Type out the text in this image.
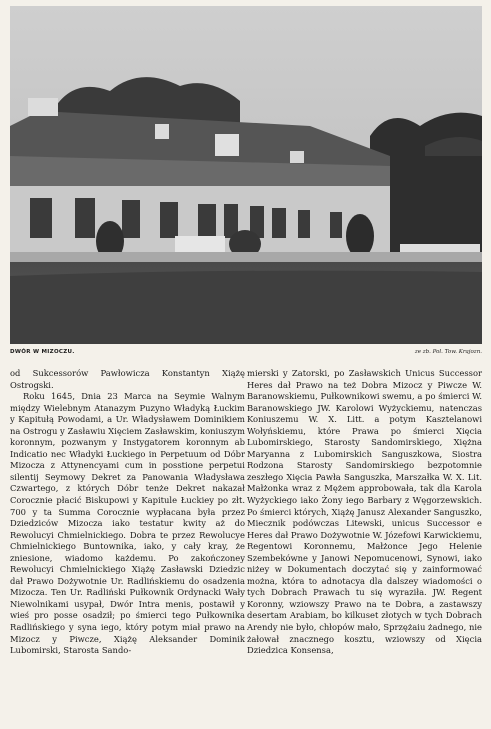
DWÓR W MIZOCZU.	ze zb. Pol. Tow. Krajozn.

od Sukcessorów Pawłowicza Konstantyn Xiążę Ostrogski.

Roku 1645, Dnia 23 Marca na Seymie Walnym między Wielebnym Atanazym Puzyno Władyką Łuckim y Kapitułą Powodami, a Ur. Władysławem Dominikiem na Ostrogu y Zasławiu Xięciem Zasławskim, koniuszym koronnym, pozwanym y Instygatorem koronnym ab Indicatio nec Władyki Łuckiego in Perpetuum od Dóbr Mizocza z Attynencyami cum in posstione perpetui silentij Seymowy Dekret za Panowania Władysława Czwartego, z których Dóbr tenże Dekret nakazał Corocznie płacić Biskupowi y Kapitule Łuckiey po złt. 700 y ta Summa Corocznie wypłacana była przez Dziedziców Mizocza iako testatur kwity aż do Rewolucyi Chmielnickiego. Dobra te przez Rewolucye Chmielnickiego Buntownika, iako, y cały kray, że zniesione, wiadomo każdemu. Po zakończoney Rewolucyi Chmielnickiego Xiążę Zasławski Dziedzic dał Prawo Dożywotnie Ur. Radlińskiemu do osadzenia Mizocza. Ten Ur. Radliński Pułkownik Ordynacki Wały Niewolnikami usypał, Dwór Intra menis, postawił y wieś pro posse osadził; po śmierci tego Pułkownika Radlińskiego y syna iego, który potym miał prawo na Mizocz y Piwcze, Xiążę Aleksander Dominik Lubomirski, Starosta Sando-

mierski y Zatorski, po Zasławskich Unicus Successor Heres dał Prawo na też Dobra Mizocz y Piwcze W. Baranowskiemu, Pułkownikowi swemu, a po śmierci W. Baranowskiego JW. Karolowi Wyżyckiemu, natenczas Koniuszemu W. X. Litt. a potym Kasztelanowi Wołyńskiemu, które Prawa po śmierci Xięcia Lubomirskiego, Starosty Sandomirskiego, Xiężna Maryanna z Lubomirskich Sanguszkowa, Siostra Rodzona Starosty Sandomirskiego bezpotomnie zeszłego Xięcia Pawła Sanguszka, Marszałka W. X. Lit. Małżonka wraz z Mężem approbowała, tak dla Karola Wyżyckiego iako Żony iego Barbary z Węgorzewskich. Po śmierci których, Xiążę Janusz Alexander Sanguszko, Miecznik podówczas Litewski, unicus Successor e Heres dał Prawo Dożywotnie W. Józefowi Karwickiemu, Regentowi Koronnemu, Małżonce Jego Helenie Szembekówne y Janowi Nepomucenowi, Synowi, iako niżey w Dokumentach doczytać się y zainformować można, która to adnotacya dla dalszey wiadomości o tych Dobrach Prawach tu się wyraziła. JW. Regent Koronny, wziowszy Prawo na te Dobra, a zastawszy desertam Arabiam, bo kilkuset złotych w tych Dobrach Arendy nie było, chłopów mało, Sprzężaiu żadnego, nie żałował znacznego kosztu, wziowszy od Xięcia Dziedzica Konsensa,
